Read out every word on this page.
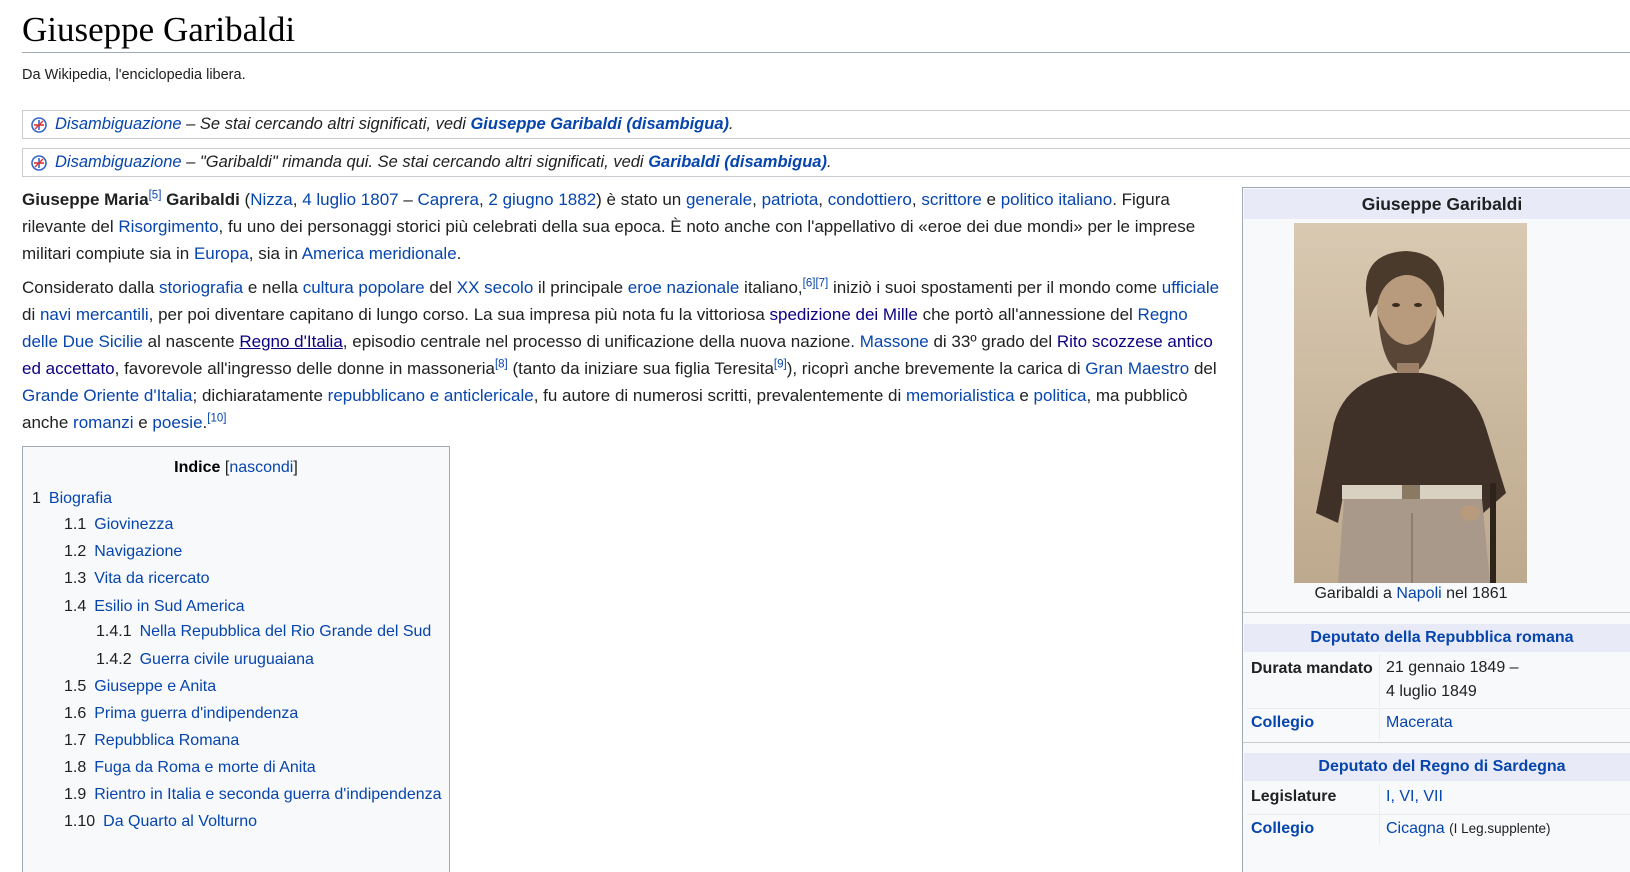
Giuseppe Garibaldi
Da Wikipedia, l'enciclopedia libera.
Disambiguazione – Se stai cercando altri significati, vedi Giuseppe Garibaldi (disambigua).
Disambiguazione – "Garibaldi" rimanda qui. Se stai cercando altri significati, vedi Garibaldi (disambigua).

Giuseppe Maria[5] Garibaldi (Nizza, 4 luglio 1807 – Caprera, 2 giugno 1882) è stato un generale, patriota, condottiero, scrittore e politico italiano. Figura rilevante del Risorgimento, fu uno dei personaggi storici più celebrati della sua epoca. È noto anche con l'appellativo di «eroe dei due mondi» per le imprese militari compiute sia in Europa, sia in America meridionale.

Considerato dalla storiografia e nella cultura popolare del XX secolo il principale eroe nazionale italiano,[6][7] iniziò i suoi spostamenti per il mondo come ufficiale di navi mercantili, per poi diventare capitano di lungo corso. La sua impresa più nota fu la vittoriosa spedizione dei Mille che portò all'annessione del Regno delle Due Sicilie al nascente Regno d'Italia, episodio centrale nel processo di unificazione della nuova nazione. Massone di 33º grado del Rito scozzese antico ed accettato, favorevole all'ingresso delle donne in massoneria[8] (tanto da iniziare sua figlia Teresita[9]), ricoprì anche brevemente la carica di Gran Maestro del Grande Oriente d'Italia; dichiaratamente repubblicano e anticlericale, fu autore di numerosi scritti, prevalentemente di memorialistica e politica, ma pubblicò anche romanzi e poesie.[10]

Indice [nascondi]
1 Biografia
1.1 Giovinezza
1.2 Navigazione
1.3 Vita da ricercato
1.4 Esilio in Sud America
1.4.1 Nella Repubblica del Rio Grande del Sud
1.4.2 Guerra civile uruguaiana
1.5 Giuseppe e Anita
1.6 Prima guerra d'indipendenza
1.7 Repubblica Romana
1.8 Fuga da Roma e morte di Anita
1.9 Rientro in Italia e seconda guerra d'indipendenza
1.10 Da Quarto al Volturno
Giuseppe Garibaldi
Garibaldi a Napoli nel 1861
Deputato della Repubblica romana
Durata mandato 21 gennaio 1849 –
4 luglio 1849
Collegio	Macerata
Deputato del Regno di Sardegna
Legislature	I, VI, VII
Collegio	Cicagna (I Leg.supplente)
